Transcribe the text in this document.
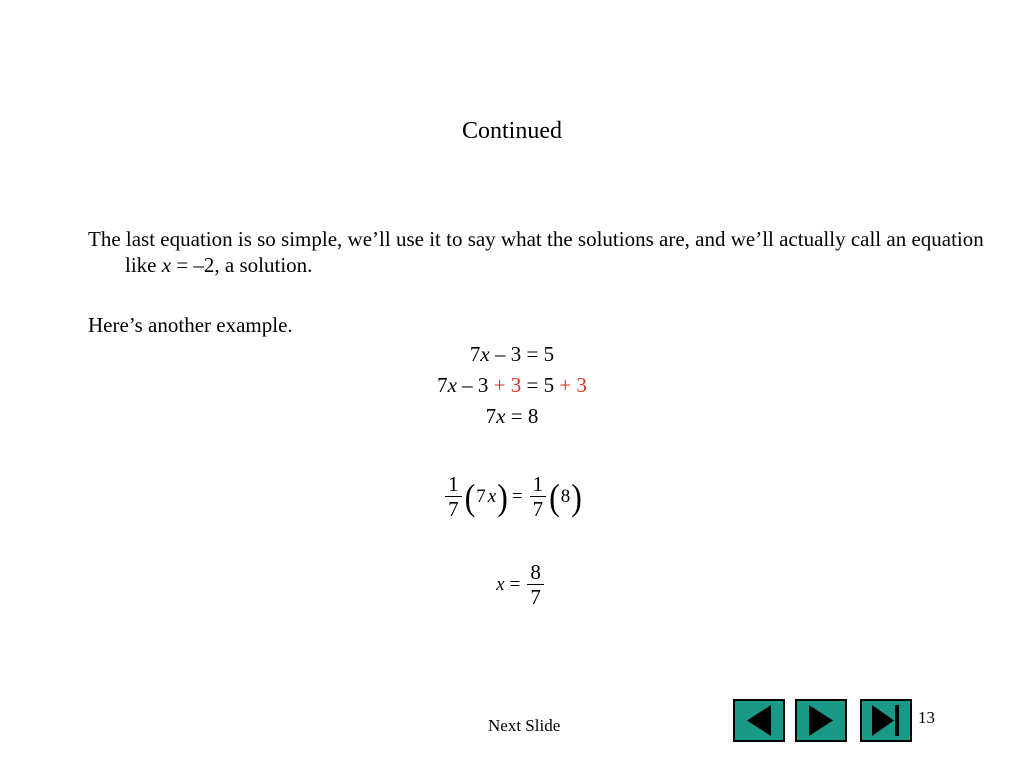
Continued
The last equation is so simple, we’ll use it to say what the solutions are, and we’ll actually call an equation like x = –2, a solution.
Here’s another example.
7x – 3 = 5
7x – 3 + 3 = 5 + 3
7x = 8
$\frac{1}{7}$ ( 7 x ) = $\frac{1}{7}$ ( 8 )
$x = \frac{8}{7}$
Next Slide	13
